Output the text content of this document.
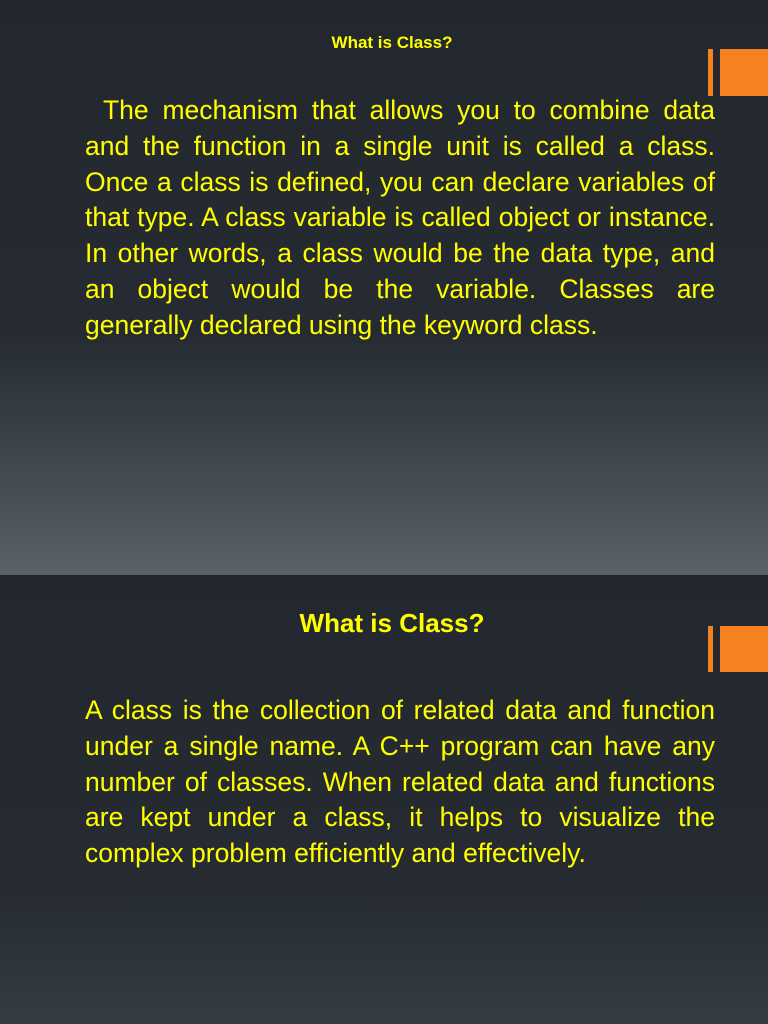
What is Class?

The mechanism that allows you to combine data and the function in a single unit is called a class. Once a class is defined, you can declare variables of that type. A class variable is called object or instance. In other words, a class would be the data type, and an object would be the variable. Classes are generally declared using the keyword class.

What is Class?

A class is the collection of related data and function under a single name. A C++ program can have any number of classes. When related data and functions are kept under a class, it helps to visualize the complex problem efficiently and effectively.
